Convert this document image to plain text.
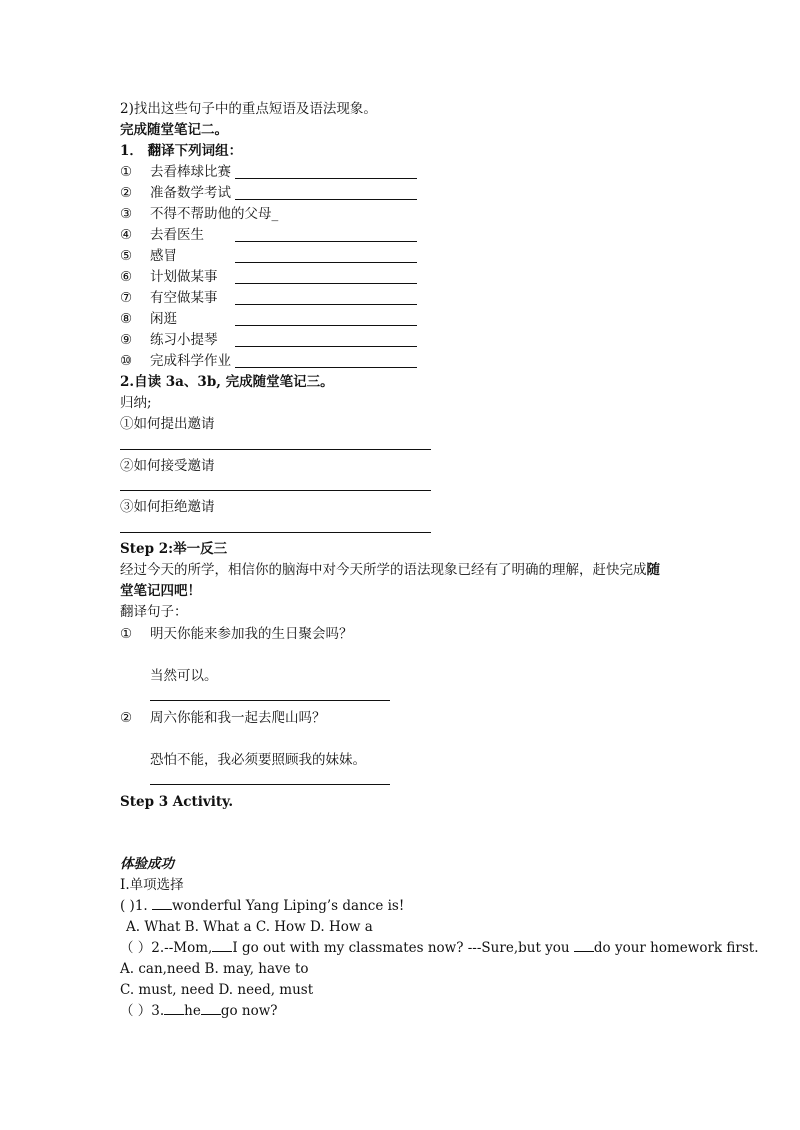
2)找出这些句子中的重点短语及语法现象。
完成随堂笔记二。
1． 翻译下列词组：
① 去看棒球比赛
② 准备数学考试
③ 不得不帮助他的父母_
④ 去看医生
⑤ 感冒
⑥ 计划做某事
⑦ 有空做某事
⑧ 闲逛
⑨ 练习小提琴
⑩ 完成科学作业
2.自读 3a、3b, 完成随堂笔记三。
归纳;
①如何提出邀请
②如何接受邀请
③如何拒绝邀请
Step 2:举一反三
经过今天的所学，相信你的脑海中对今天所学的语法现象已经有了明确的理解，赶快完成随
堂笔记四吧！
翻译句子：
① 明天你能来参加我的生日聚会吗？
当然可以。
② 周六你能和我一起去爬山吗？
恐怕不能，我必须要照顾我的妹妹。
Step 3 Activity.
体验成功
I.单项选择
( )1. wonderful Yang Liping’s dance is!
A. What B. What a C. How D. How a
（ ）2.--Mom, I go out with my classmates now? ---Sure,but you do your homework first.
A. can,need B. may, have to
C. must, need D. need, must
（ ）3. he go now?
